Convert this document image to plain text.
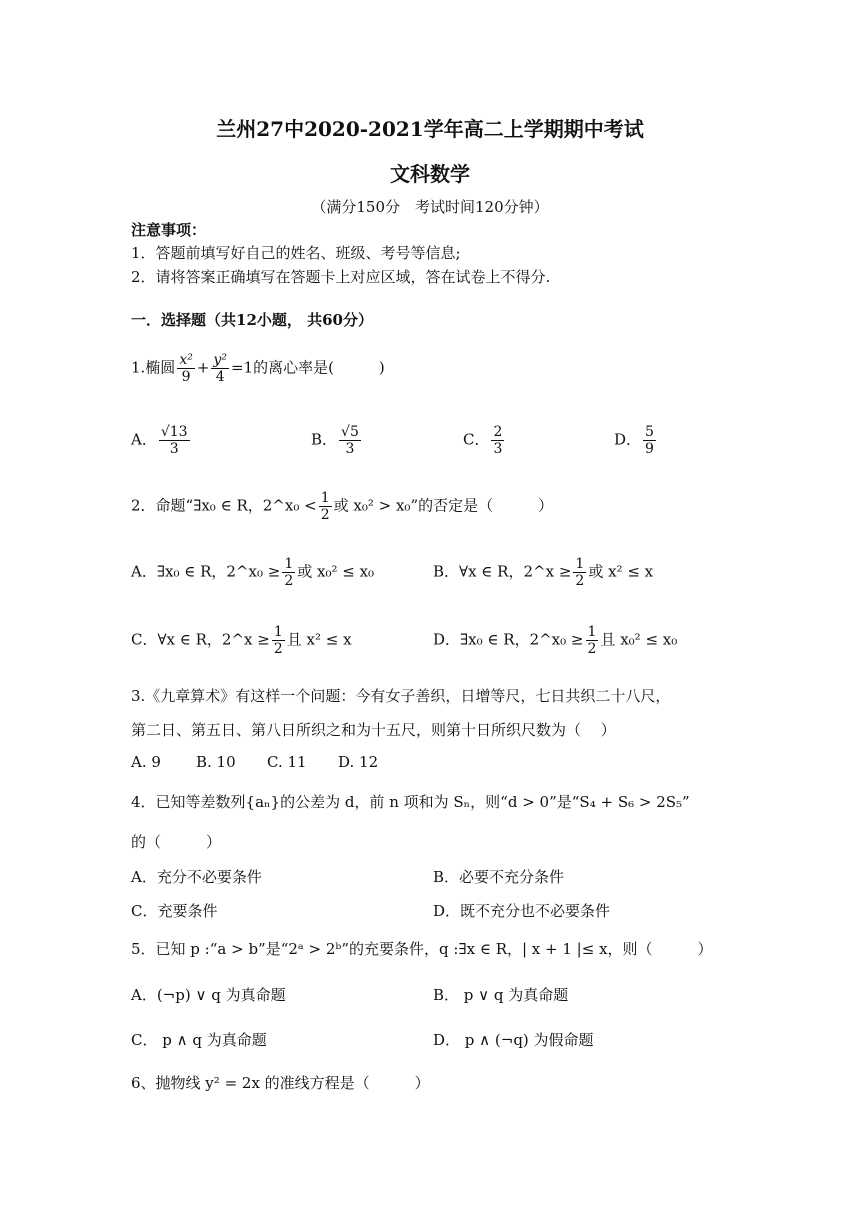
兰州27中2020-2021学年高二上学期期中考试
文科数学
（满分150分　考试时间120分钟）
注意事项：
1．答题前填写好自己的姓名、班级、考号等信息;
2．请将答案正确填写在答题卡上对应区域，答在试卷上不得分.
一．选择题（共12小题， 共60分）
1.椭圆 $\frac{\text{x²}}{9} + \frac{\text{y²}}{4} =1$的离心率是(　　　)
A． $\frac{√13}{3}$	B． $\frac{√5}{3}$	C． $\frac{2}{3}$	D． $\frac{5}{9}$
2．命题“∃x₀ ∈ R，2^x₀ < $\frac{1}{2}$ 或 x₀² > x₀”的否定是（　　　）
A．∃x₀ ∈ R，2^x₀ ≥ $\frac{1}{2}$ 或 x₀² ≤ x₀	B．∀x ∈ R，2^x ≥ $\frac{1}{2}$ 或 x² ≤ x
C．∀x ∈ R，2^x ≥ $\frac{1}{2}$ 且 x² ≤ x	D．∃x₀ ∈ R，2^x₀ ≥ $\frac{1}{2}$ 且 x₀² ≤ x₀
3.《九章算术》有这样一个问题：今有女子善织，日增等尺，七日共织二十八尺，
第二日、第五日、第八日所织之和为十五尺，则第十日所织尺数为（　 ）
A. 9 B. 10 C. 11 D. 12
4．已知等差数列{aₙ}的公差为 d，前 n 项和为 Sₙ，则“d > 0”是“S₄ + S₆ > 2S₅”
的（　　　）
A．充分不必要条件	B．必要不充分条件
C．充要条件	D．既不充分也不必要条件
5．已知 p :“a > b”是“2ᵃ > 2ᵇ”的充要条件，q :∃x ∈ R，| x + 1 |≤ x，则（　　　）
A．(¬p) ∨ q 为真命题	B． p ∨ q 为真命题
C． p ∧ q 为真命题	D． p ∧ (¬q) 为假命题
6、抛物线 y² = 2x 的准线方程是（　　　）
